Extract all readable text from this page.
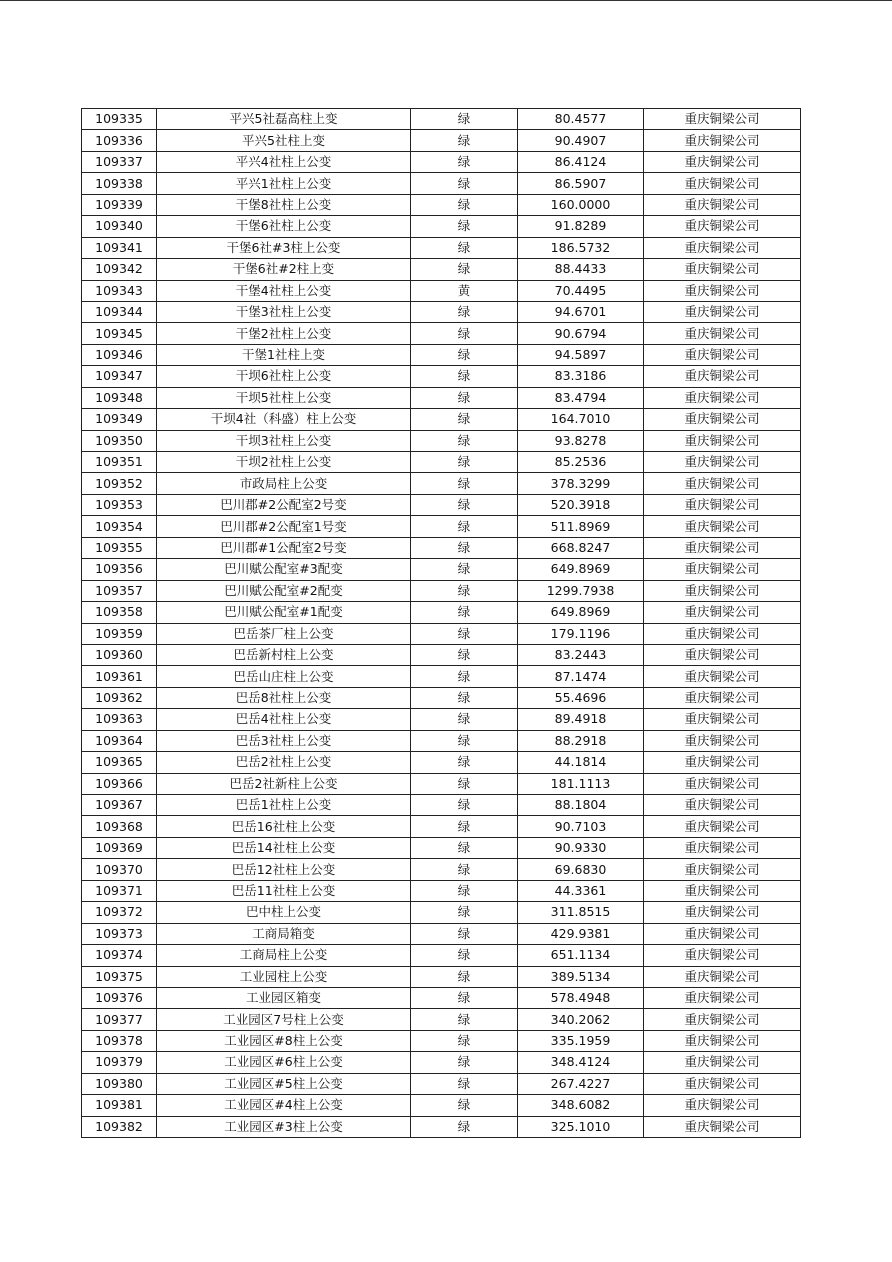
109335	平兴5社磊高柱上变	绿	80.4577	重庆铜梁公司
109336	平兴5社柱上变	绿	90.4907	重庆铜梁公司
109337	平兴4社柱上公变	绿	86.4124	重庆铜梁公司
109338	平兴1社柱上公变	绿	86.5907	重庆铜梁公司
109339	干堡8社柱上公变	绿	160.0000	重庆铜梁公司
109340	干堡6社柱上公变	绿	91.8289	重庆铜梁公司
109341	干堡6社#3柱上公变	绿	186.5732	重庆铜梁公司
109342	干堡6社#2柱上变	绿	88.4433	重庆铜梁公司
109343	干堡4社柱上公变	黄	70.4495	重庆铜梁公司
109344	干堡3社柱上公变	绿	94.6701	重庆铜梁公司
109345	干堡2社柱上公变	绿	90.6794	重庆铜梁公司
109346	干堡1社柱上变	绿	94.5897	重庆铜梁公司
109347	干坝6社柱上公变	绿	83.3186	重庆铜梁公司
109348	干坝5社柱上公变	绿	83.4794	重庆铜梁公司
109349	干坝4社（科盛）柱上公变	绿	164.7010	重庆铜梁公司
109350	干坝3社柱上公变	绿	93.8278	重庆铜梁公司
109351	干坝2社柱上公变	绿	85.2536	重庆铜梁公司
109352	市政局柱上公变	绿	378.3299	重庆铜梁公司
109353	巴川郡#2公配室2号变	绿	520.3918	重庆铜梁公司
109354	巴川郡#2公配室1号变	绿	511.8969	重庆铜梁公司
109355	巴川郡#1公配室2号变	绿	668.8247	重庆铜梁公司
109356	巴川赋公配室#3配变	绿	649.8969	重庆铜梁公司
109357	巴川赋公配室#2配变	绿	1299.7938	重庆铜梁公司
109358	巴川赋公配室#1配变	绿	649.8969	重庆铜梁公司
109359	巴岳茶厂柱上公变	绿	179.1196	重庆铜梁公司
109360	巴岳新村柱上公变	绿	83.2443	重庆铜梁公司
109361	巴岳山庄柱上公变	绿	87.1474	重庆铜梁公司
109362	巴岳8社柱上公变	绿	55.4696	重庆铜梁公司
109363	巴岳4社柱上公变	绿	89.4918	重庆铜梁公司
109364	巴岳3社柱上公变	绿	88.2918	重庆铜梁公司
109365	巴岳2社柱上公变	绿	44.1814	重庆铜梁公司
109366	巴岳2社新柱上公变	绿	181.1113	重庆铜梁公司
109367	巴岳1社柱上公变	绿	88.1804	重庆铜梁公司
109368	巴岳16社柱上公变	绿	90.7103	重庆铜梁公司
109369	巴岳14社柱上公变	绿	90.9330	重庆铜梁公司
109370	巴岳12社柱上公变	绿	69.6830	重庆铜梁公司
109371	巴岳11社柱上公变	绿	44.3361	重庆铜梁公司
109372	巴中柱上公变	绿	311.8515	重庆铜梁公司
109373	工商局箱变	绿	429.9381	重庆铜梁公司
109374	工商局柱上公变	绿	651.1134	重庆铜梁公司
109375	工业园柱上公变	绿	389.5134	重庆铜梁公司
109376	工业园区箱变	绿	578.4948	重庆铜梁公司
109377	工业园区7号柱上公变	绿	340.2062	重庆铜梁公司
109378	工业园区#8柱上公变	绿	335.1959	重庆铜梁公司
109379	工业园区#6柱上公变	绿	348.4124	重庆铜梁公司
109380	工业园区#5柱上公变	绿	267.4227	重庆铜梁公司
109381	工业园区#4柱上公变	绿	348.6082	重庆铜梁公司
109382	工业园区#3柱上公变	绿	325.1010	重庆铜梁公司
